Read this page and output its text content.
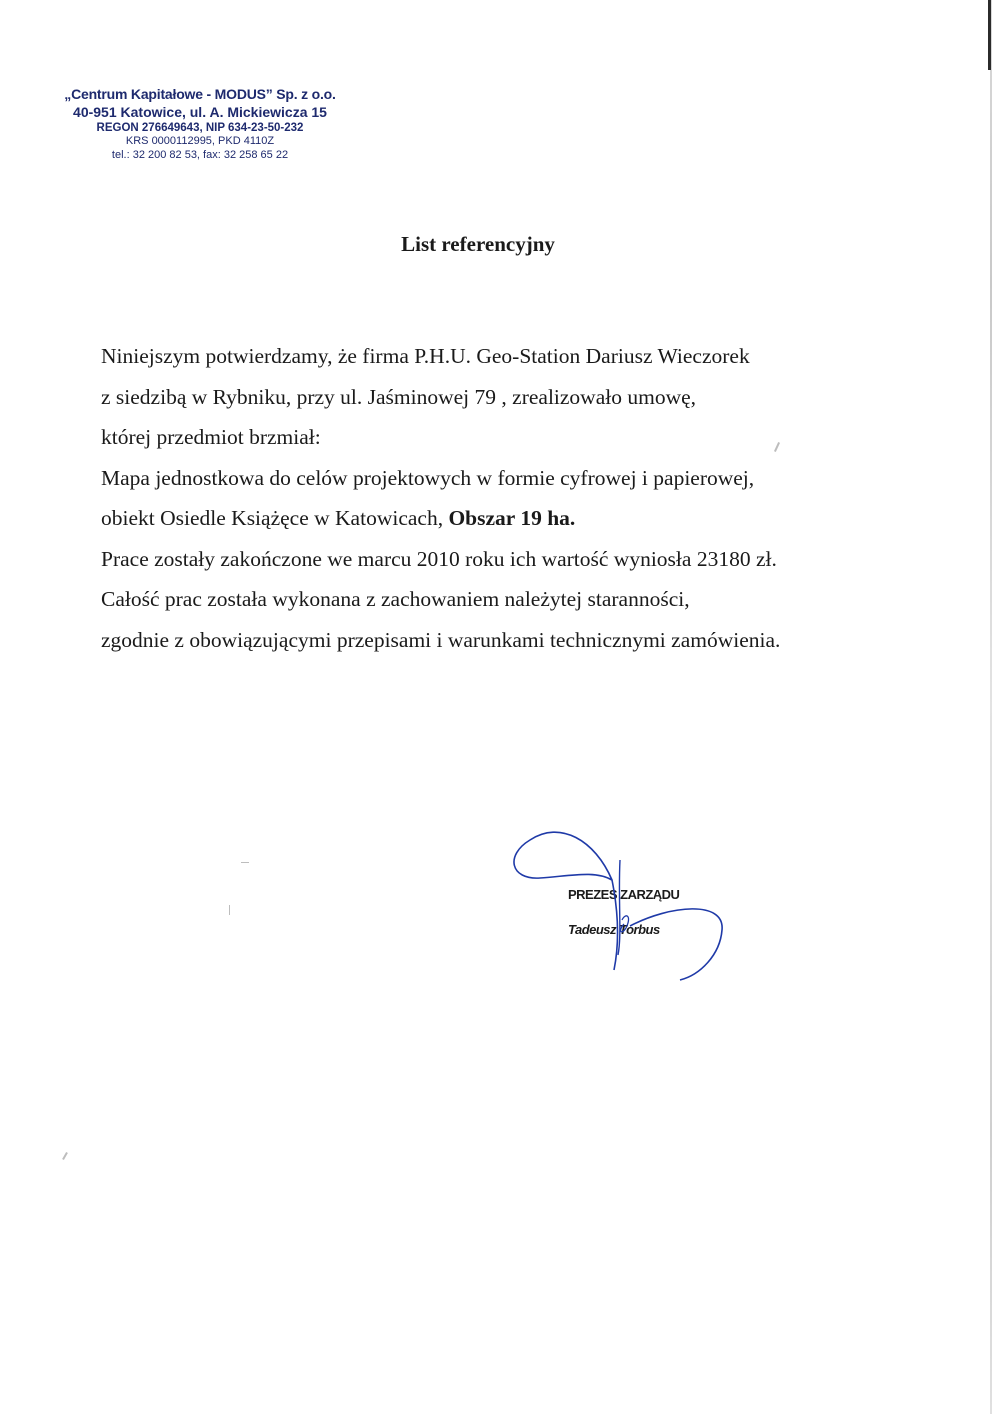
„Centrum Kapitałowe - MODUS” Sp. z o.o.
40-951 Katowice, ul. A. Mickiewicza 15
REGON 276649643, NIP 634-23-50-232
KRS 0000112995, PKD 4110Z
tel.: 32 200 82 53, fax: 32 258 65 22
List referencyjny

Niniejszym potwierdzamy, że firma P.H.U. Geo-Station Dariusz Wieczorek

z siedzibą w Rybniku, przy ul. Jaśminowej 79 , zrealizowało umowę,

której przedmiot brzmiał:

Mapa jednostkowa do celów projektowych w formie cyfrowej i papierowej,

obiekt Osiedle Książęce w Katowicach, Obszar 19 ha.

Prace zostały zakończone we marcu 2010 roku ich wartość wyniosła 23180 zł.

Całość prac została wykonana z zachowaniem należytej staranności,

zgodnie z obowiązującymi przepisami i warunkami technicznymi zamówienia.

PREZES ZARZĄDU
Tadeusz Torbus
